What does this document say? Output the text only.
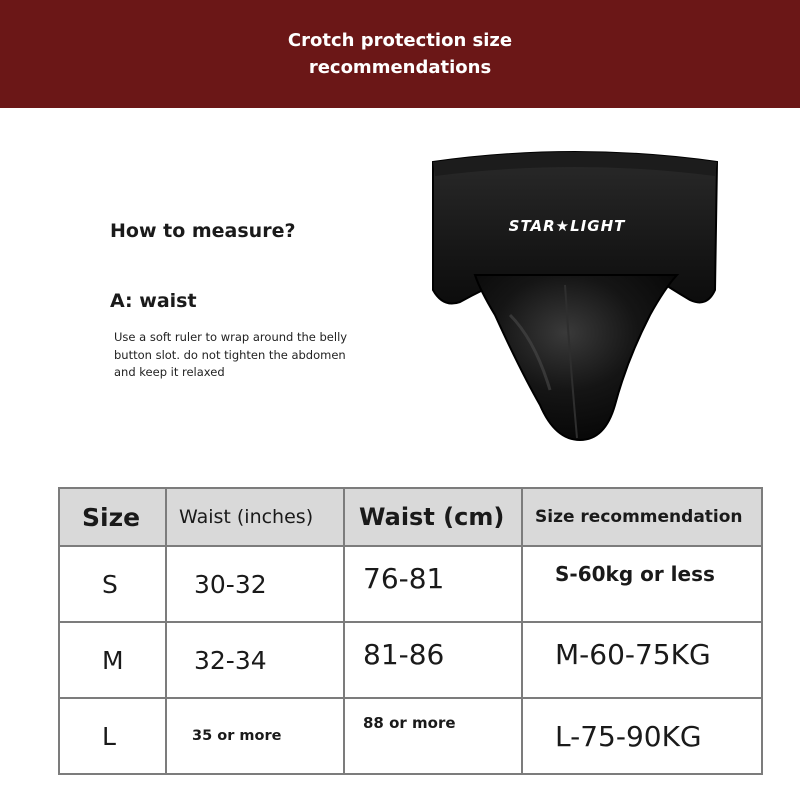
Crotch protection size
recommendations
How to measure?
A: waist
Use a soft ruler to wrap around the belly button slot. do not tighten the abdomen and keep it relaxed
STAR★LIGHT
Size	Waist (inches)	Waist (cm)	Size recommendation
S	30-32	76-81	S-60kg or less
M	32-34	81-86	M-60-75KG
L	35 or more	88 or more	L-75-90KG
